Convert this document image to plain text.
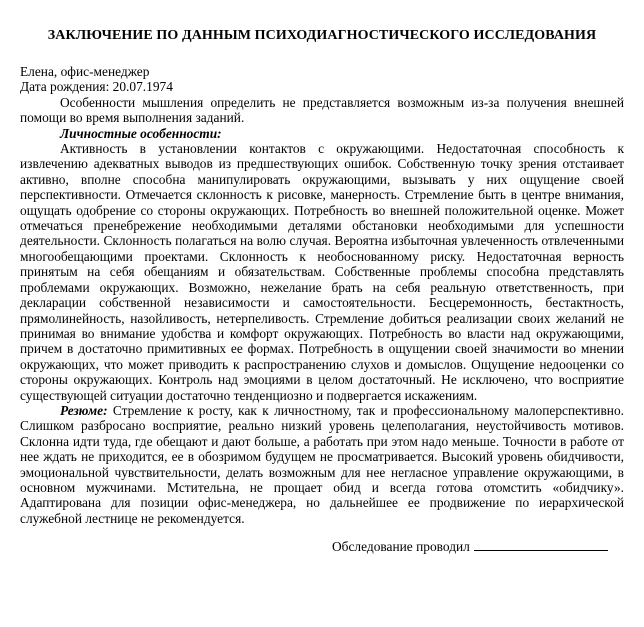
ЗАКЛЮЧЕНИЕ ПО ДАННЫМ ПСИХОДИАГНОСТИЧЕСКОГО ИССЛЕДОВАНИЯ
Елена, офис-менеджер
Дата рождения: 20.07.1974

Особенности мышления определить не представляется возможным из-за получения внешней помощи во время выполнения заданий.

Личностные особенности:

Активность в установлении контактов с окружающими. Недостаточная способность к извлечению адекватных выводов из предшествующих ошибок. Собственную точку зрения отстаивает активно, вполне способна манипулировать окружающими, вызывать у них ощущение своей перспективности. Отмечается склонность к рисовке, манерность. Стремление быть в центре внимания, ощущать одобрение со стороны окружающих. Потребность во внешней положительной оценке. Может отмечаться пренебрежение необходимыми деталями обстановки необходимыми для успешности деятельности. Склонность полагаться на волю случая. Вероятна избыточная увлеченность отвлеченными многообещающими проектами. Склонность к необоснованному риску. Недостаточная верность принятым на себя обещаниям и обязательствам. Собственные проблемы способна представлять проблемами окружающих. Возможно, нежелание брать на себя реальную ответственность, при декларации собственной независимости и самостоятельности. Бесцеремонность, бестактность, прямолинейность, назойливость, нетерпеливость. Стремление добиться реализации своих желаний не принимая во внимание удобства и комфорт окружающих. Потребность во власти над окружающими, причем в достаточно примитивных ее формах. Потребность в ощущении своей значимости во мнении окружающих, что может приводить к распространению слухов и домыслов. Ощущение недооценки со стороны окружающих. Контроль над эмоциями в целом достаточный. Не исключено, что восприятие существующей ситуации достаточно тенденциозно и подвергается искажениям.

Резюме: Стремление к росту, как к личностному, так и профессиональному малоперспективно. Слишком разбросано восприятие, реально низкий уровень целеполагания, неустойчивость мотивов. Склонна идти туда, где обещают и дают больше, а работать при этом надо меньше. Точности в работе от нее ждать не приходится, ее в обозримом будущем не просматривается. Высокий уровень обидчивости, эмоциональной чувствительности, делать возможным для нее негласное управление окружающими, в основном мужчинами. Мстительна, не прощает обид и всегда готова отомстить «обидчику». Адаптирована для позиции офис-менеджера, но дальнейшее ее продвижение по иерархической служебной лестнице не рекомендуется.

Обследование проводил
